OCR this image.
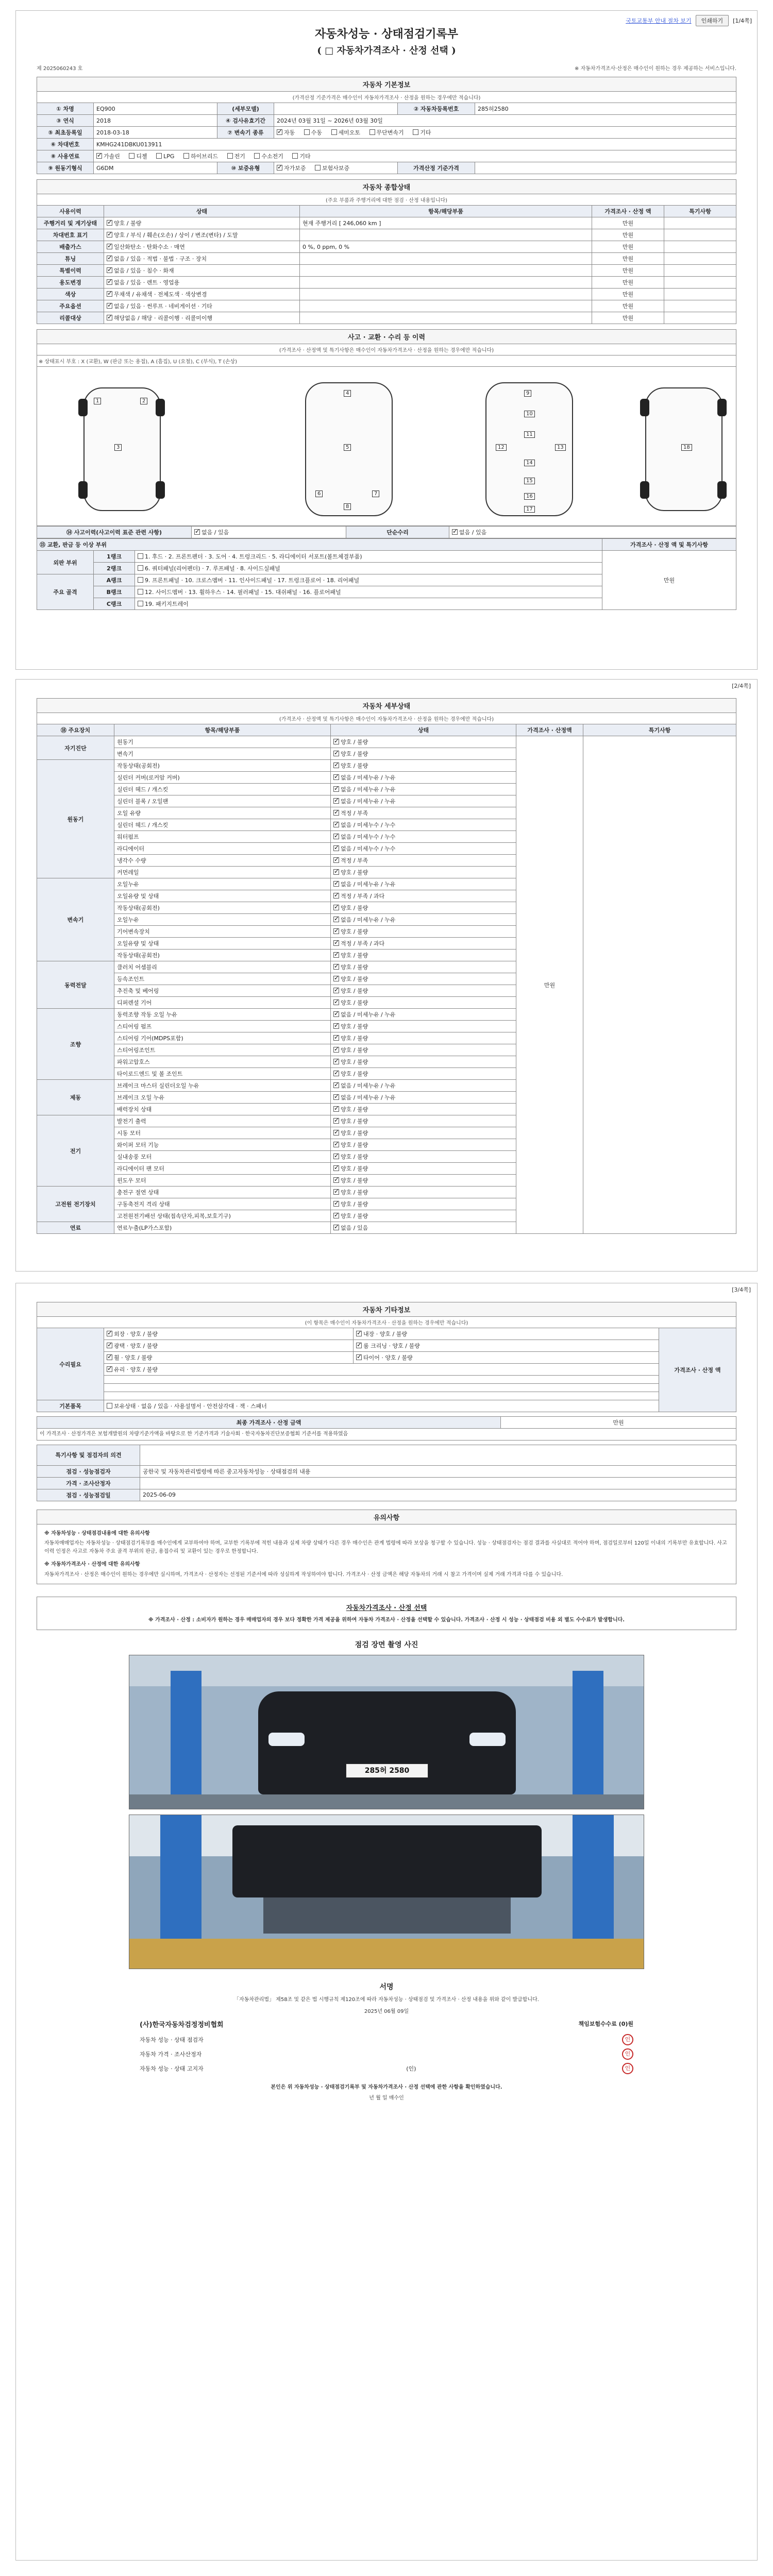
국토교통부 안내 절차 보기	인쇄하기	[1/4쪽]
자동차성능 · 상태점검기록부
( □ 자동차가격조사 · 산정 선택 )
제 2025060243 호	※ 자동차가격조사·산정은 매수인이 원하는 경우 제공하는 서비스입니다.
자동차 기본정보
(가격산정 기준가격은 매수인이 자동차가격조사 · 산정을 원하는 경우에만 적습니다)
① 차명	EQ900	(세부모델)		② 자동차등록번호	285허2580
③ 연식	2018	④ 검사유효기간	2024년 03월 31일 ~ 2026년 03월 30일		
⑤ 최초등록일	2018-03-18	⑦ 변속기 종류	✓자동 수동 세미오토 무단변속기 기타
⑥ 차대번호	KMHG241DBKU013911				
⑧ 사용연료	✓가솔린 디젤 LPG 하이브리드 전기 수소전기 기타
⑨ 원동기형식	G6DM	⑩ 보증유형	✓자가보증 보험사보증	가격산정 기준가격	
자동차 종합상태
(주요 부품과 주행거리에 대한 점검 · 산정 내용입니다)
사용이력	상태	항목/해당부품	가격조사 · 산정 액	특기사항
주행거리 및 계기상태	✓양호 / 불량	현재 주행거리 [ 246,060 km ]	만원	
차대번호 표기	✓양호 / 부식 / 훼손(오손) / 상이 / 변조(변타) / 도말		만원	
배출가스	✓일산화탄소 · 탄화수소 · 매연	0 %, 0 ppm, 0 %	만원	
튜닝	✓없음 / 있음 · 적법 · 불법 · 구조 · 장치		만원	
특별이력	✓없음 / 있음 · 침수 · 화재		만원	
용도변경	✓없음 / 있음 · 렌트 · 영업용		만원	
색상	✓무채색 / 유채색 · 전체도색 · 색상변경		만원	
주요옵션	✓없음 / 있음 · 썬루프 · 네비게이션 · 기타		만원	
리콜대상	✓해당없음 / 해당 · 리콜이행 · 리콜미이행		만원	
사고 · 교환 · 수리 등 이력
(가격조사 · 산정액 및 특기사항은 매수인이 자동차가격조사 · 산정을 원하는 경우에만 적습니다)
※ 상태표시 부호 : X (교환), W (판금 또는 용접), A (흠집), U (요철), C (부식), T (손상)
1	2
3
4
5
6	7
8
9
10
11
12	13
14
15
16
17
18
⑭ 사고이력(사고이력 표준 관련 사항)	✓없음 / 있음	단순수리	✓없음 / 있음
⑮ 교환, 판금 등 이상 부위			가격조사 · 산정 액 및 특기사항
외판 부위	1랭크	1. 후드 · 2. 프론트펜더 · 3. 도어 · 4. 트렁크리드 · 5. 라디에이터 서포트(볼트체결부품)	만원
	2랭크	6. 쿼터패널(리어펜더) · 7. 루프패널 · 8. 사이드실패널	
주요 골격	A랭크	9. 프론트패널 · 10. 크로스멤버 · 11. 인사이드패널 · 17. 트렁크플로어 · 18. 리어패널	
	B랭크	12. 사이드멤버 · 13. 휠하우스 · 14. 필러패널 · 15. 대쉬패널 · 16. 플로어패널	
	C랭크	19. 패키지트레이	
[2/4쪽]
자동차 세부상태
(가격조사 · 산정액 및 특기사항은 매수인이 자동차가격조사 · 산정을 원하는 경우에만 적습니다)
⑱ 주요장치	항목/해당부품	상태	가격조사 · 산정액	특기사항
자기진단	원동기	✓양호 / 불량	만원	
	변속기	✓양호 / 불량
원동기	작동상태(공회전)	✓양호 / 불량
	실린더 커버(로커암 커버)	✓없음 / 미세누유 / 누유
	실린더 헤드 / 개스킷	✓없음 / 미세누유 / 누유
	실린더 블록 / 오일팬	✓없음 / 미세누유 / 누유
	오일 유량	✓적정 / 부족
	실린더 헤드 / 개스킷	✓없음 / 미세누수 / 누수
	워터펌프	✓없음 / 미세누수 / 누수
	라디에이터	✓없음 / 미세누수 / 누수
	냉각수 수량	✓적정 / 부족
	커먼레일	✓양호 / 불량
변속기	오일누유	✓없음 / 미세누유 / 누유
	오일유량 및 상태	✓적정 / 부족 / 과다
	작동상태(공회전)	✓양호 / 불량
	오일누유	✓없음 / 미세누유 / 누유
	기어변속장치	✓양호 / 불량
	오일유량 및 상태	✓적정 / 부족 / 과다
	작동상태(공회전)	✓양호 / 불량
동력전달	클러치 어셈블리	✓양호 / 불량
	등속조인트	✓양호 / 불량
	추진축 및 베어링	✓양호 / 불량
	디퍼렌셜 기어	✓양호 / 불량
조향	동력조향 작동 오일 누유	✓없음 / 미세누유 / 누유
	스티어링 펌프	✓양호 / 불량
	스티어링 기어(MDPS포함)	✓양호 / 불량
	스티어링조인트	✓양호 / 불량
	파워고압호스	✓양호 / 불량
	타이로드엔드 및 볼 조인트	✓양호 / 불량
제동	브레이크 마스터 실린더오일 누유	✓없음 / 미세누유 / 누유
	브레이크 오일 누유	✓없음 / 미세누유 / 누유
	배력장치 상태	✓양호 / 불량
전기	발전기 출력	✓양호 / 불량
	시동 모터	✓양호 / 불량
	와이퍼 모터 기능	✓양호 / 불량
	실내송풍 모터	✓양호 / 불량
	라디에이터 팬 모터	✓양호 / 불량
	윈도우 모터	✓양호 / 불량
고전원 전기장치	충전구 절연 상태	✓양호 / 불량
	구동축전지 격리 상태	✓양호 / 불량
	고전원전기배선 상태(접속단자,피복,보호기구)	✓양호 / 불량
연료	연료누출(LP가스포함)	✓없음 / 있음
[3/4쪽]
자동차 기타정보
(이 항목은 매수인이 자동차가격조사 · 산정을 원하는 경우에만 적습니다)
수리필요	✓외장 · 양호 / 불량	✓내장 · 양호 / 불량	가격조사 · 산정 액
✓광택 · 양호 / 불량	✓룸 크리닝 · 양호 / 불량
✓휠 · 양호 / 불량	✓타이어 · 양호 / 불량
✓유리 · 양호 / 불량

기본품목	보유상태 · 없음 / 있음 · 사용설명서 · 안전삼각대 · 잭 · 스패너		
최종 가격조사 · 산정 금액	만원
이 가격조사 · 산정가격은 보험개발원의 차량기준가액을 바탕으로 한 기준가격과 기술사회 · 한국자동차진단보증협회 기준서를 적용하였음
특기사항 및 점검자의 의견	
점검 · 성능점검자	공한국 및 자동차관리법령에 따른 중고자동차성능 · 상태점검의 내용
가격 · 조사산정자	
점검 · 성능점검일	2025-06-09
유의사항
※ 자동차성능 · 상태점검내용에 대한 유의사항
자동차매매업자는 자동차성능 · 상태점검기록부를 매수인에게 교부하여야 하며, 교부한 기록부에 적힌 내용과 실제 차량 상태가 다른 경우 매수인은 관계 법령에 따라 보상을 청구할 수 있습니다. 성능 · 상태점검자는 점검 결과를 사실대로 적어야 하며, 점검일로부터 120일 이내의 기록부만 유효합니다. 사고이력 인정은 사고로 자동차 주요 골격 부위의 판금, 용접수리 및 교환이 있는 경우로 한정합니다.
※ 자동차가격조사 · 산정에 대한 유의사항
자동차가격조사 · 산정은 매수인이 원하는 경우에만 실시하며, 가격조사 · 산정자는 선정된 기준서에 따라 성실하게 작성하여야 합니다. 가격조사 · 산정 금액은 해당 자동차의 거래 시 참고 가격이며 실제 거래 가격과 다를 수 있습니다.
자동차가격조사 · 산정 선택
※ 가격조사 · 산정 : 소비자가 원하는 경우 매매업자의 경우 보다 정확한 가격 제공을 위하여 자동차 가격조사 · 산정을 선택할 수 있습니다. 가격조사 · 산정 시 성능 · 상태점검 비용 외 별도 수수료가 발생합니다.
점검 장면 촬영 사진
285허 2580
서명
「자동차관리법」 제58조 및 같은 법 시행규칙 제120조에 따라 자동차성능 · 상태점검 및 가격조사 · 산정 내용을 위와 같이 발급합니다.
2025년 06월 09일
(사)한국자동차검정정비협회	책임보험수수료 (0)원
자동차 성능 · 상태 점검자	인
자동차 가격 · 조사산정자	인
자동차 성능 · 상태 고지자	(인)	인
본인은 위 자동차성능 · 상태점검기록부 및 자동차가격조사 · 산정 선택에 관한 사항을 확인하였습니다.
년 월 일 매수인
